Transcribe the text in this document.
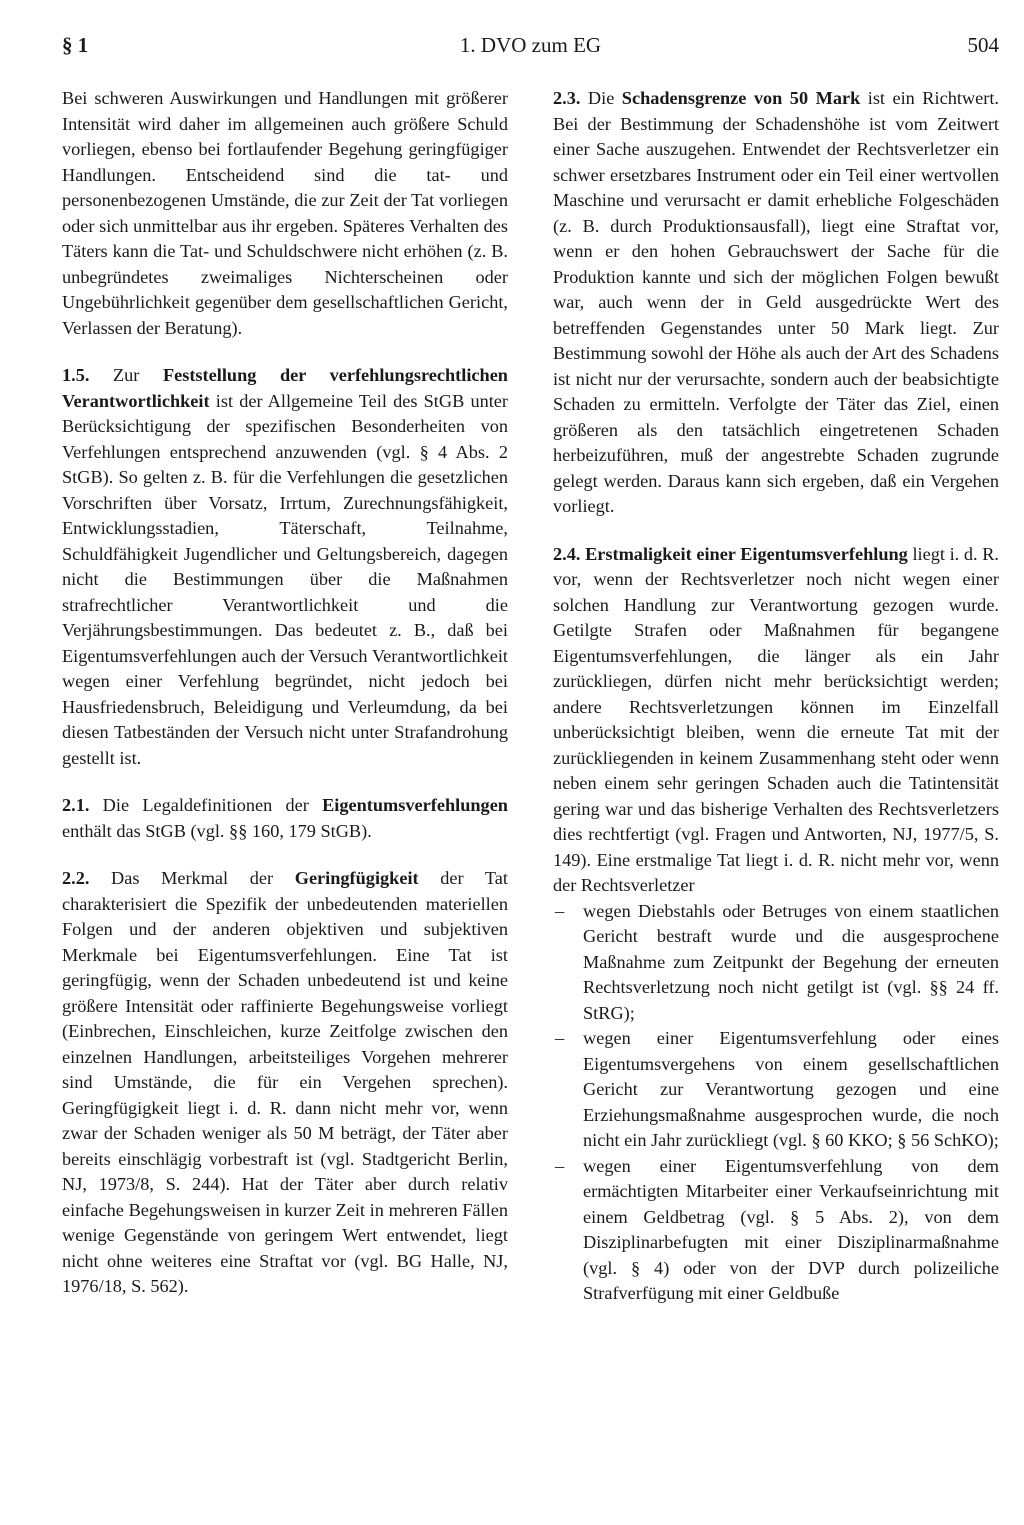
§ 1	1. DVO zum EG	504

Bei schweren Auswirkungen und Handlungen mit größerer Intensität wird daher im allgemeinen auch größere Schuld vorliegen, ebenso bei fortlaufender Begehung geringfügiger Handlungen. Entscheidend sind die tat- und personenbezogenen Umstände, die zur Zeit der Tat vorliegen oder sich unmittelbar aus ihr ergeben. Späteres Verhalten des Täters kann die Tat- und Schuldschwere nicht erhöhen (z. B. unbegründetes zweimaliges Nichterscheinen oder Ungebührlichkeit gegenüber dem gesellschaftlichen Gericht, Verlassen der Beratung).

1.5. Zur Feststellung der verfehlungsrechtlichen Verantwortlichkeit ist der Allgemeine Teil des StGB unter Berücksichtigung der spezifischen Besonderheiten von Verfehlungen entsprechend anzuwenden (vgl. § 4 Abs. 2 StGB). So gelten z. B. für die Verfehlungen die gesetzlichen Vorschriften über Vorsatz, Irrtum, Zurechnungsfähigkeit, Entwicklungsstadien, Täterschaft, Teilnahme, Schuldfähigkeit Jugendlicher und Geltungsbereich, dagegen nicht die Bestimmungen über die Maßnahmen strafrechtlicher Verantwortlichkeit und die Verjährungsbestimmungen. Das bedeutet z. B., daß bei Eigentumsverfehlungen auch der Versuch Verantwortlichkeit wegen einer Verfehlung begründet, nicht jedoch bei Hausfriedensbruch, Beleidigung und Verleumdung, da bei diesen Tatbeständen der Versuch nicht unter Strafandrohung gestellt ist.

2.1. Die Legaldefinitionen der Eigentumsverfehlungen enthält das StGB (vgl. §§ 160, 179 StGB).

2.2. Das Merkmal der Geringfügigkeit der Tat charakterisiert die Spezifik der unbedeutenden materiellen Folgen und der anderen objektiven und subjektiven Merkmale bei Eigentumsverfehlungen. Eine Tat ist geringfügig, wenn der Schaden unbedeutend ist und keine größere Intensität oder raffinierte Begehungsweise vorliegt (Einbrechen, Einschleichen, kurze Zeitfolge zwischen den einzelnen Handlungen, arbeitsteiliges Vorgehen mehrerer sind Umstände, die für ein Vergehen sprechen). Geringfügigkeit liegt i. d. R. dann nicht mehr vor, wenn zwar der Schaden weniger als 50 M beträgt, der Täter aber bereits einschlägig vorbestraft ist (vgl. Stadtgericht Berlin, NJ, 1973/8, S. 244). Hat der Täter aber durch relativ einfache Begehungsweisen in kurzer Zeit in mehreren Fällen wenige Gegenstände von geringem Wert entwendet, liegt nicht ohne weiteres eine Straftat vor (vgl. BG Halle, NJ, 1976/18, S. 562).

2.3. Die Schadensgrenze von 50 Mark ist ein Richtwert. Bei der Bestimmung der Schadenshöhe ist vom Zeitwert einer Sache auszugehen. Entwendet der Rechtsverletzer ein schwer ersetzbares Instrument oder ein Teil einer wertvollen Maschine und verursacht er damit erhebliche Folgeschäden (z. B. durch Produktionsausfall), liegt eine Straftat vor, wenn er den hohen Gebrauchswert der Sache für die Produktion kannte und sich der möglichen Folgen bewußt war, auch wenn der in Geld ausgedrückte Wert des betreffenden Gegenstandes unter 50 Mark liegt. Zur Bestimmung sowohl der Höhe als auch der Art des Schadens ist nicht nur der verursachte, sondern auch der beabsichtigte Schaden zu ermitteln. Verfolgte der Täter das Ziel, einen größeren als den tatsächlich eingetretenen Schaden herbeizuführen, muß der angestrebte Schaden zugrunde gelegt werden. Daraus kann sich ergeben, daß ein Vergehen vorliegt.

2.4. Erstmaligkeit einer Eigentumsverfehlung liegt i. d. R. vor, wenn der Rechtsverletzer noch nicht wegen einer solchen Handlung zur Verantwortung gezogen wurde. Getilgte Strafen oder Maßnahmen für begangene Eigentumsverfehlungen, die länger als ein Jahr zurückliegen, dürfen nicht mehr berücksichtigt werden; andere Rechtsverletzungen können im Einzelfall unberücksichtigt bleiben, wenn die erneute Tat mit der zurückliegenden in keinem Zusammenhang steht oder wenn neben einem sehr geringen Schaden auch die Tatintensität gering war und das bisherige Verhalten des Rechtsverletzers dies rechtfertigt (vgl. Fragen und Antworten, NJ, 1977/5, S. 149). Eine erstmalige Tat liegt i. d. R. nicht mehr vor, wenn der Rechtsverletzer

– wegen Diebstahls oder Betruges von einem staatlichen Gericht bestraft wurde und die ausgesprochene Maßnahme zum Zeitpunkt der Begehung der erneuten Rechtsverletzung noch nicht getilgt ist (vgl. §§ 24 ff. StRG);

– wegen einer Eigentumsverfehlung oder eines Eigentumsvergehens von einem gesellschaftlichen Gericht zur Verantwortung gezogen und eine Erziehungsmaßnahme ausgesprochen wurde, die noch nicht ein Jahr zurückliegt (vgl. § 60 KKO; § 56 SchKO);

– wegen einer Eigentumsverfehlung von dem ermächtigten Mitarbeiter einer Verkaufseinrichtung mit einem Geldbetrag (vgl. § 5 Abs. 2), von dem Disziplinarbefugten mit einer Disziplinarmaßnahme (vgl. § 4) oder von der DVP durch polizeiliche Strafverfügung mit einer Geldbuße
